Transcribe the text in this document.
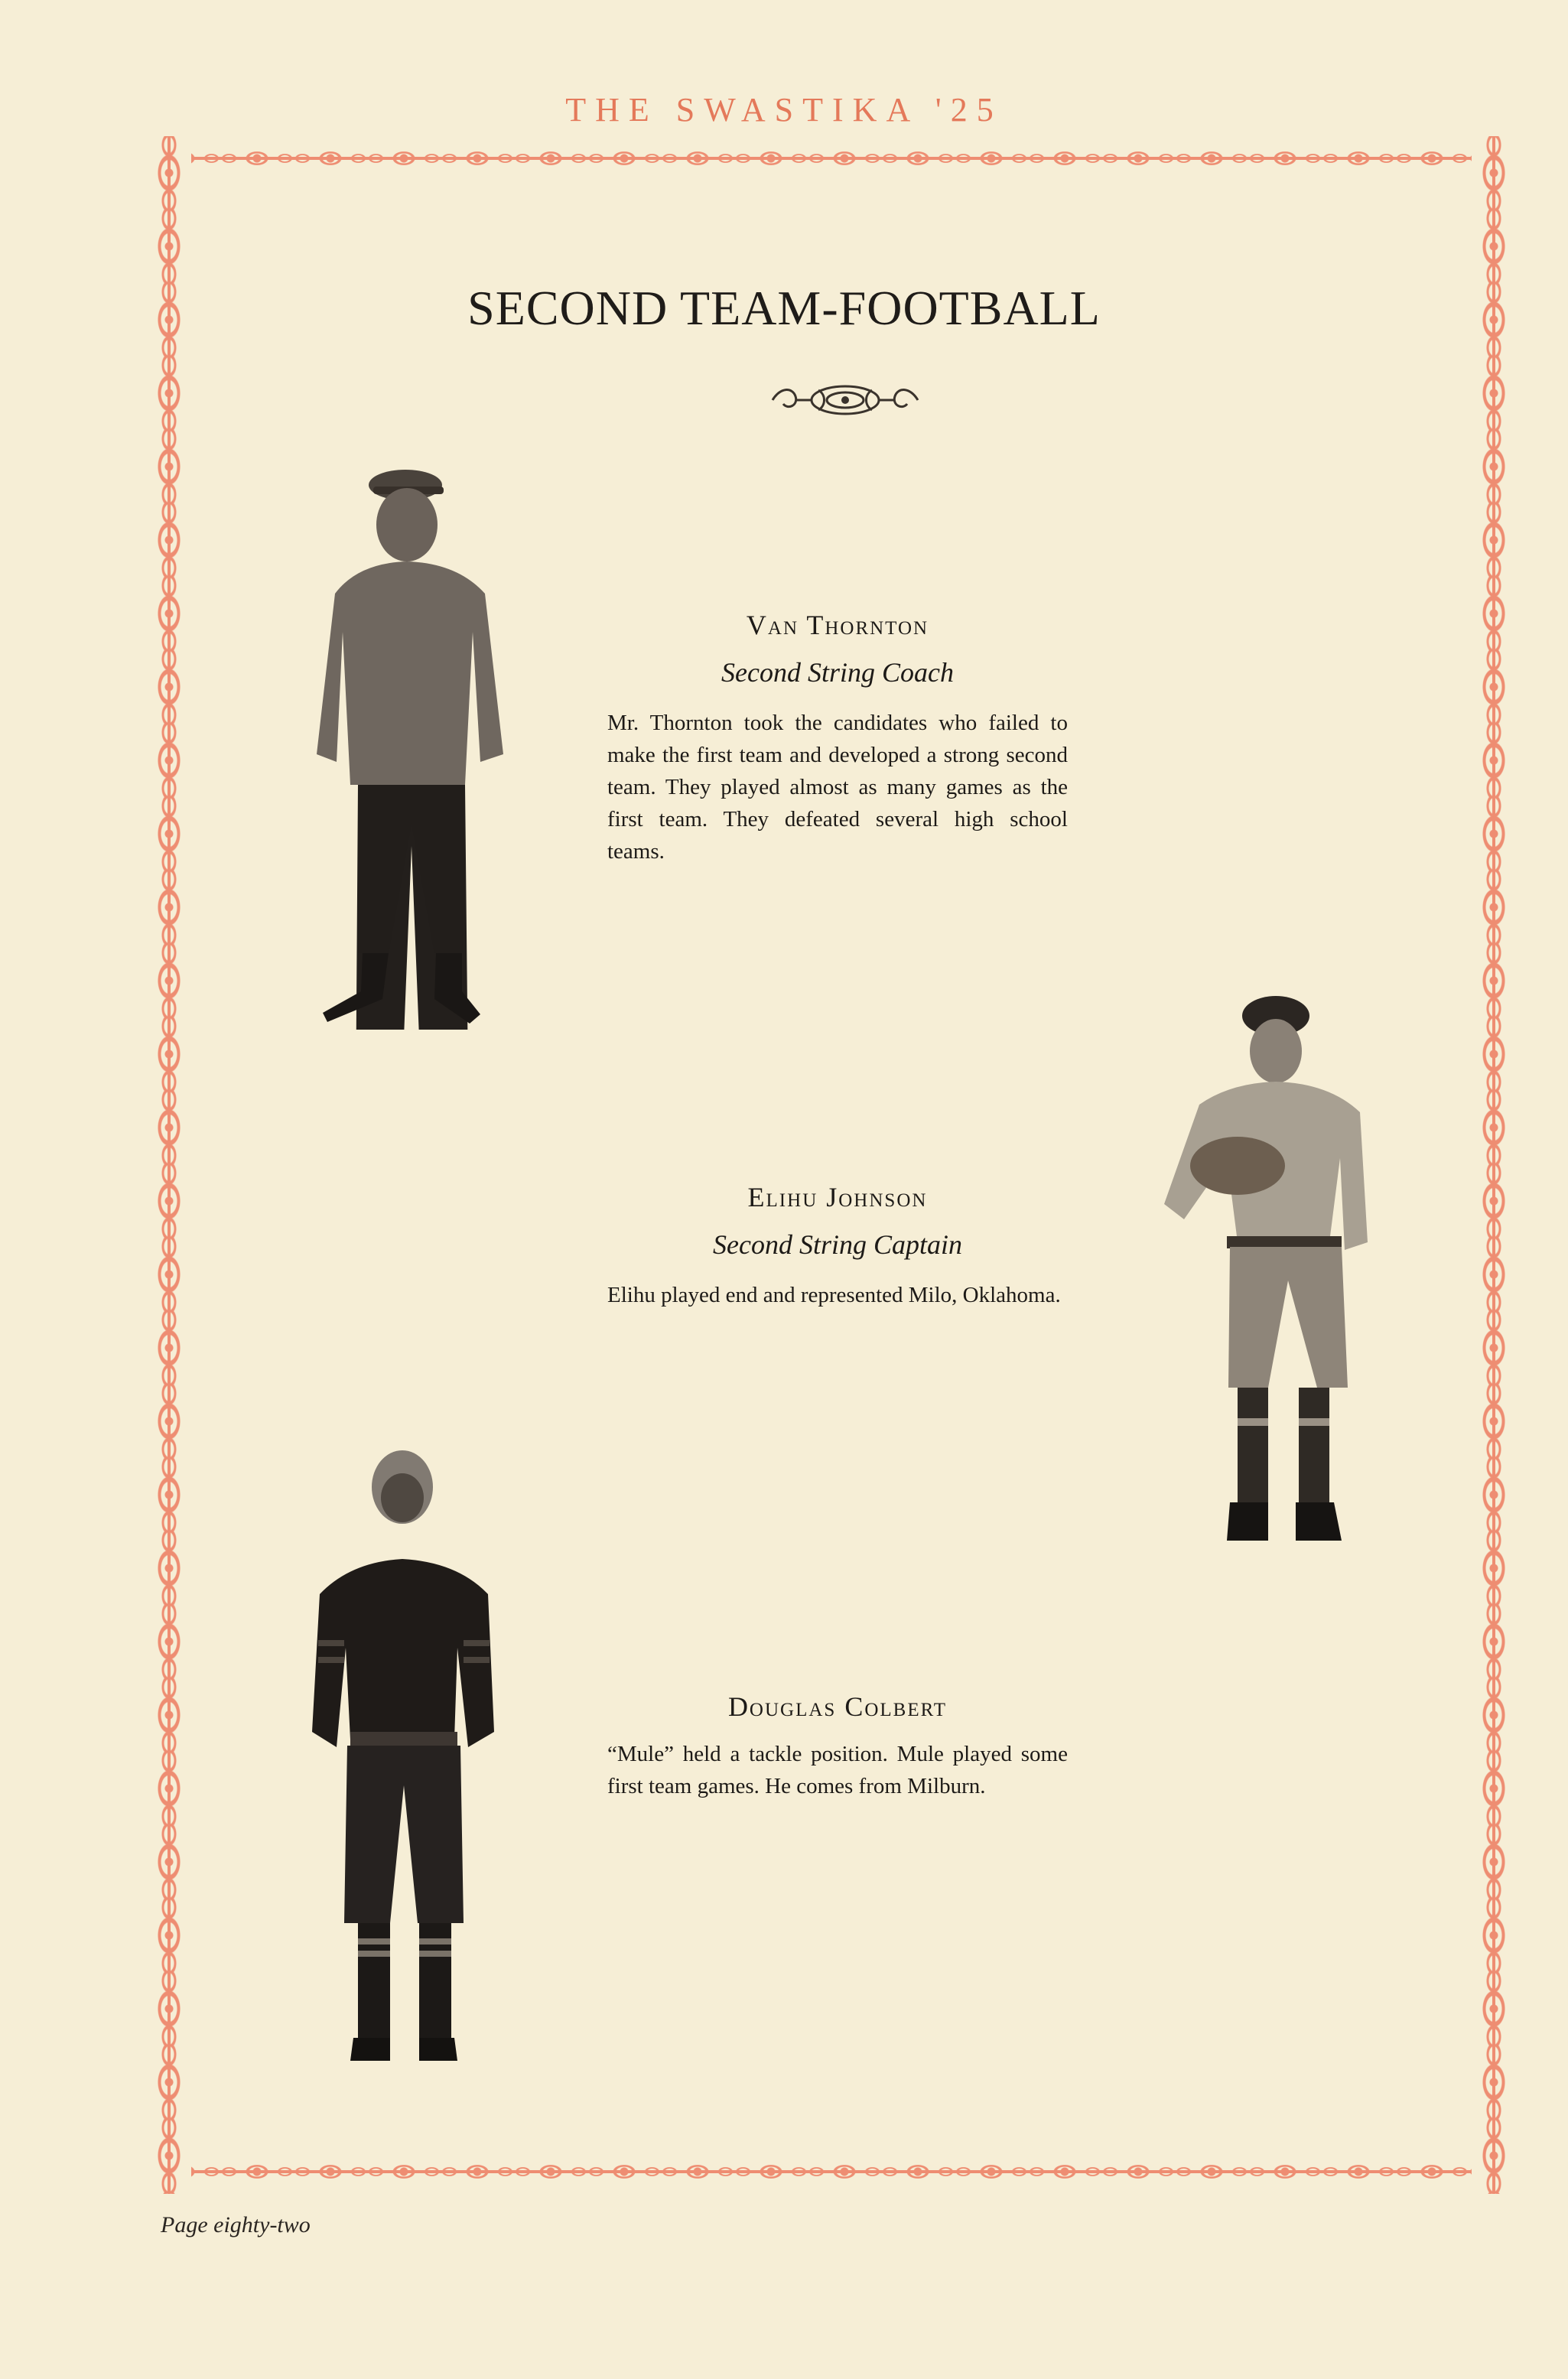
THE SWASTIKA '25
SECOND TEAM-FOOTBALL
Van Thornton
Second String Coach
Mr. Thornton took the candidates who failed to make the first team and developed a strong second team. They played almost as many games as the first team. They defeated several high school teams.
Elihu Johnson
Second String Captain
Elihu played end and represented Milo, Oklahoma.
Douglas Colbert
“Mule” held a tackle position. Mule played some first team games. He comes from Milburn.
Page eighty-two
